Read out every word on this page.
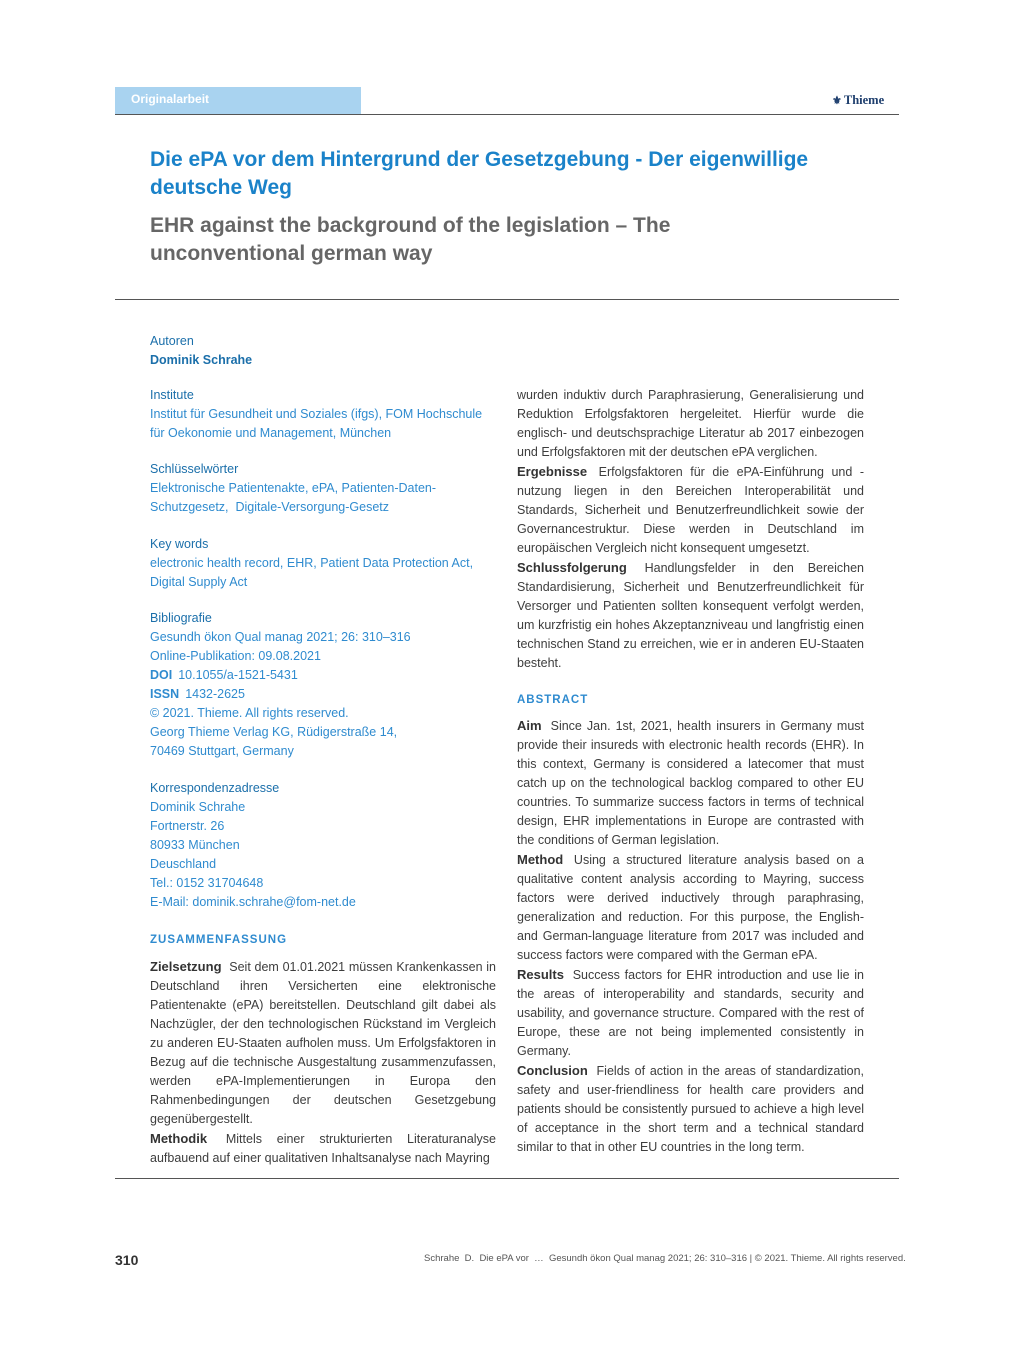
Originalarbeit	⚜ Thieme
Die ePA vor dem Hintergrund der Gesetzgebung - Der eigenwillige deutsche Weg
EHR against the background of the legislation – The unconventional german way
Autoren
Dominik Schrahe
Institute
Institut für Gesundheit und Soziales (ifgs), FOM Hochschule
für Oekonomie und Management, München
Schlüsselwörter
Elektronische Patientenakte, ePA, Patienten-Daten-
Schutzgesetz,  Digitale-Versorgung-Gesetz
Key words
electronic health record, EHR, Patient Data Protection Act,
Digital Supply Act
Bibliografie
Gesundh ökon Qual manag 2021; 26: 310–316
Online-Publikation: 09.08.2021
DOI 10.1055/a-1521-5431
ISSN 1432-2625
© 2021. Thieme. All rights reserved.
Georg Thieme Verlag KG, Rüdigerstraße 14,
70469 Stuttgart, Germany
Korrespondenzadresse
Dominik Schrahe
Fortnerstr. 26
80933 München
Deuschland
Tel.: 0152 31704648
E-Mail: dominik.schrahe@fom-net.de
ZUSAMMENFASSUNG
Zielsetzung Seit dem 01.01.2021 müssen Krankenkassen in Deutschland ihren Versicherten eine elektronische Patientenakte (ePA) bereitstellen. Deutschland gilt dabei als Nachzügler, der den technologischen Rückstand im Vergleich zu anderen EU-Staaten aufholen muss. Um Erfolgsfaktoren in Bezug auf die technische Ausgestaltung zusammenzufassen, werden ePA-Implementierungen in Europa den Rahmenbedingungen der deutschen Gesetzgebung gegenübergestellt.
Methodik Mittels einer strukturierten Literaturanalyse aufbauend auf einer qualitativen Inhaltsanalyse nach Mayring
wurden induktiv durch Paraphrasierung, Generalisierung und Reduktion Erfolgsfaktoren hergeleitet. Hierfür wurde die englisch- und deutschsprachige Literatur ab 2017 einbezogen und Erfolgsfaktoren mit der deutschen ePA verglichen.
Ergebnisse Erfolgsfaktoren für die ePA-Einführung und -nutzung liegen in den Bereichen Interoperabilität und Standards, Sicherheit und Benutzerfreundlichkeit sowie der Governancestruktur. Diese werden in Deutschland im europäischen Vergleich nicht konsequent umgesetzt.
Schlussfolgerung Handlungsfelder in den Bereichen Standardisierung, Sicherheit und Benutzerfreundlichkeit für Versorger und Patienten sollten konsequent verfolgt werden, um kurzfristig ein hohes Akzeptanzniveau und langfristig einen technischen Stand zu erreichen, wie er in anderen EU-Staaten besteht.
ABSTRACT
Aim Since Jan. 1st, 2021, health insurers in Germany must provide their insureds with electronic health records (EHR). In this context, Germany is considered a latecomer that must catch up on the technological backlog compared to other EU countries. To summarize success factors in terms of technical design, EHR implementations in Europe are contrasted with the conditions of German legislation.
Method Using a structured literature analysis based on a qualitative content analysis according to Mayring, success factors were derived inductively through paraphrasing, generalization and reduction. For this purpose, the English- and German-language literature from 2017 was included and success factors were compared with the German ePA.
Results Success factors for EHR introduction and use lie in the areas of interoperability and standards, security and usability, and governance structure. Compared with the rest of Europe, these are not being implemented consistently in Germany.
Conclusion Fields of action in the areas of standardization, safety and user-friendliness for health care providers and patients should be consistently pursued to achieve a high level of acceptance in the short term and a technical standard similar to that in other EU countries in the long term.
310	Schrahe  D.  Die ePA vor  …  Gesundh ökon Qual manag 2021; 26: 310–316 | © 2021. Thieme. All rights reserved.
